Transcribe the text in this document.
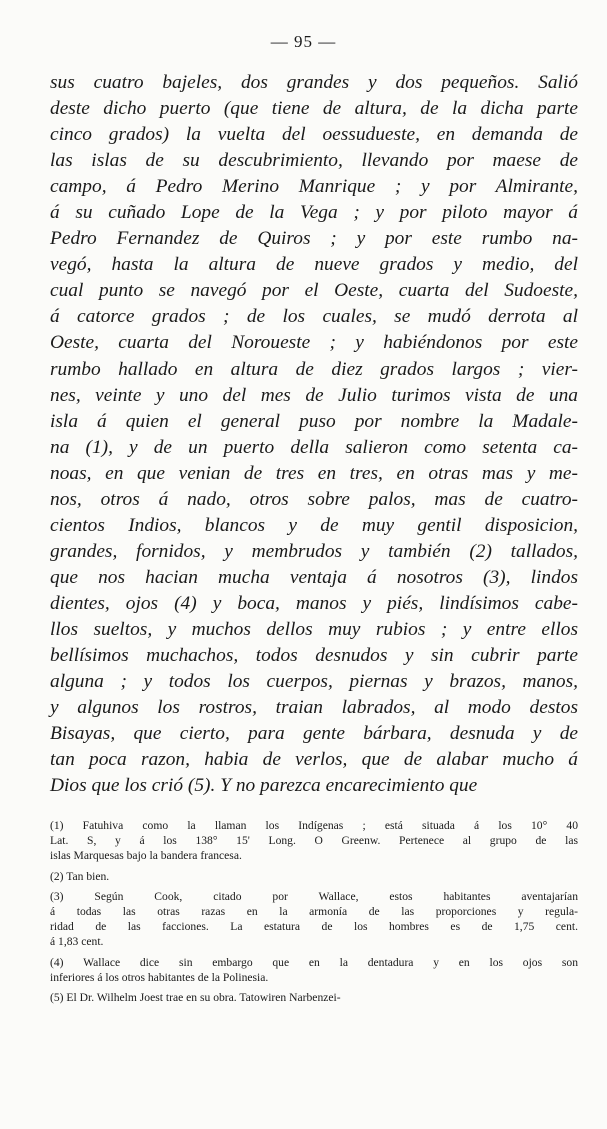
— 95 —
sus cuatro bajeles, dos grandes y dos pequeños. Salió
deste dicho puerto (que tiene de altura, de la dicha parte
cinco grados) la vuelta del oessudueste, en demanda de
las islas de su descubrimiento, llevando por maese de
campo, á Pedro Merino Manrique ; y por Almirante,
á su cuñado Lope de la Vega ; y por piloto mayor á
Pedro Fernandez de Quiros ; y por este rumbo na-
vegó, hasta la altura de nueve grados y medio, del
cual punto se navegó por el Oeste, cuarta del Sudoeste,
á catorce grados ; de los cuales, se mudó derrota al
Oeste, cuarta del Noroueste ; y habiéndonos por este
rumbo hallado en altura de diez grados largos ; vier-
nes, veinte y uno del mes de Julio turimos vista de una
isla á quien el general puso por nombre la Madale-
na (1), y de un puerto della salieron como setenta ca-
noas, en que venian de tres en tres, en otras mas y me-
nos, otros á nado, otros sobre palos, mas de cuatro-
cientos Indios, blancos y de muy gentil disposicion,
grandes, fornidos, y membrudos y también (2) tallados,
que nos hacian mucha ventaja á nosotros (3), lindos
dientes, ojos (4) y boca, manos y piés, lindísimos cabe-
llos sueltos, y muchos dellos muy rubios ; y entre ellos
bellísimos muchachos, todos desnudos y sin cubrir parte
alguna ; y todos los cuerpos, piernas y brazos, manos,
y algunos los rostros, traian labrados, al modo destos
Bisayas, que cierto, para gente bárbara, desnuda y de
tan poca razon, habia de verlos, que de alabar mucho á
Dios que los crió (5). Y no parezca encarecimiento que
(1) Fatuhiva como la llaman los Indígenas ; está situada á los 10° 40
Lat. S, y á los 138° 15' Long. O Greenw. Pertenece al grupo de las
islas Marquesas bajo la bandera francesa.
(2) Tan bien.
(3) Según Cook, citado por Wallace, estos habitantes aventajarían
á todas las otras razas en la armonía de las proporciones y regula-
ridad de las facciones. La estatura de los hombres es de 1,75 cent.
á 1,83 cent.
(4) Wallace dice sin embargo que en la dentadura y en los ojos son
inferiores á los otros habitantes de la Polinesia.
(5) El Dr. Wilhelm Joest trae en su obra. Tatowiren Narbenzei-
